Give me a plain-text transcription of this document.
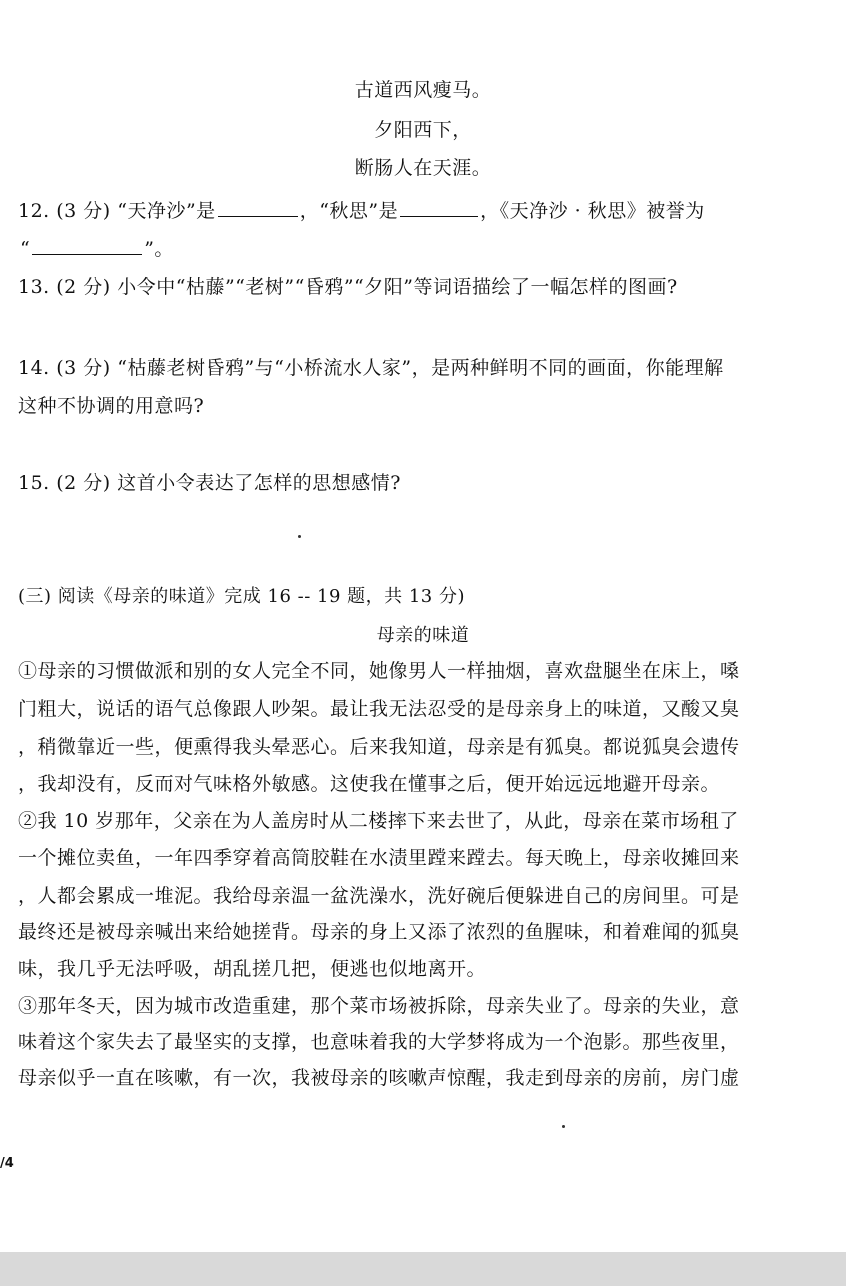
古道西风瘦马。
夕阳西下，
断肠人在天涯。
12. (3 分) “天净沙”是	，“秋思”是	，《天净沙 · 秋思》被誉为
“	”。
13. (2 分) 小令中“枯藤”“老树”“昏鸦”“夕阳”等词语描绘了一幅怎样的图画?
14. (3 分) “枯藤老树昏鸦”与“小桥流水人家”，是两种鲜明不同的画面，你能理解
这种不协调的用意吗?
15. (2 分) 这首小令表达了怎样的思想感情?
(三) 阅读《母亲的味道》完成 16 -- 19 题，共 13 分)
母亲的味道
①母亲的习惯做派和别的女人完全不同，她像男人一样抽烟，喜欢盘腿坐在床上，嗓
门粗大，说话的语气总像跟人吵架。最让我无法忍受的是母亲身上的味道，又酸又臭
，稍微靠近一些，便熏得我头晕恶心。后来我知道，母亲是有狐臭。都说狐臭会遗传
，我却没有，反而对气味格外敏感。这使我在懂事之后，便开始远远地避开母亲。
②我 10 岁那年，父亲在为人盖房时从二楼摔下来去世了，从此，母亲在菜市场租了
一个摊位卖鱼，一年四季穿着高筒胶鞋在水渍里蹚来蹚去。每天晚上，母亲收摊回来
，人都会累成一堆泥。我给母亲温一盆洗澡水，洗好碗后便躲进自己的房间里。可是
最终还是被母亲喊出来给她搓背。母亲的身上又添了浓烈的鱼腥味，和着难闻的狐臭
味，我几乎无法呼吸，胡乱搓几把，便逃也似地离开。
③那年冬天，因为城市改造重建，那个菜市场被拆除，母亲失业了。母亲的失业，意
味着这个家失去了最坚实的支撑，也意味着我的大学梦将成为一个泡影。那些夜里，
母亲似乎一直在咳嗽，有一次，我被母亲的咳嗽声惊醒，我走到母亲的房前，房门虚
/4
